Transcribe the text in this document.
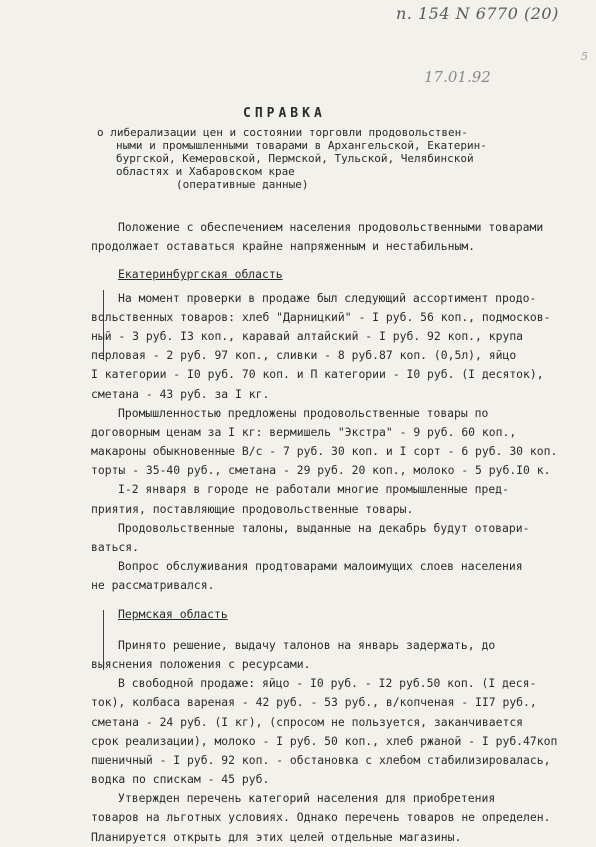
п. 154 N 6770 (20)
5
17.01.92
СПРАВКА
о либерализации цен и состоянии торговли продовольствен-
ными и промышленными товарами в Архангельской, Екатерин-
бургской, Кемеровской, Пермской, Тульской, Челябинской
областях и Хабаровском крае
(оперативные данные)
Положение с обеспечением населения продовольственными товарами
продолжает оставаться крайне напряженным и нестабильным.
Екатеринбургская область
На момент проверки в продаже был следующий ассортимент продо-
вольственных товаров: хлеб "Дарницкий" - I руб. 56 коп., подмосков-
ный - 3 руб. I3 коп., каравай алтайский - I руб. 92 коп., крупа
перловая - 2 руб. 97 коп., сливки - 8 руб.87 коп. (0,5л), яйцо
I категории - I0 руб. 70 коп. и П категории - I0 руб. (I десяток),
сметана - 43 руб. за I кг.
Промышленностью предложены продовольственные товары по
договорным ценам за I кг: вермишель "Экстра" - 9 руб. 60 коп.,
макароны обыкновенные В/с - 7 руб. 30 коп. и I сорт - 6 руб. 30 коп.
торты - 35-40 руб., сметана - 29 руб. 20 коп., молоко - 5 руб.I0 к.
I-2 января в городе не работали многие промышленные пред-
приятия, поставляющие продовольственные товары.
Продовольственные талоны, выданные на декабрь будут отовари-
ваться.
Вопрос обслуживания продтоварами малоимущих слоев населения
не рассматривался.
Пермская область
Принято решение, выдачу талонов на январь задержать, до
выяснения положения с ресурсами.
В свободной продаже: яйцо - I0 руб. - I2 руб.50 коп. (I деся-
ток), колбаса вареная - 42 руб. - 53 руб., в/копченая - II7 руб.,
сметана - 24 руб. (I кг), (спросом не пользуется, заканчивается
срок реализации), молоко - I руб. 50 коп., хлеб ржаной - I руб.47коп
пшеничный - I руб. 92 коп. - обстановка с хлебом стабилизировалась,
водка по спискам - 45 руб.
Утвержден перечень категорий населения для приобретения
товаров на льготных условиях. Однако перечень товаров не определен.
Планируется открыть для этих целей отдельные магазины.
